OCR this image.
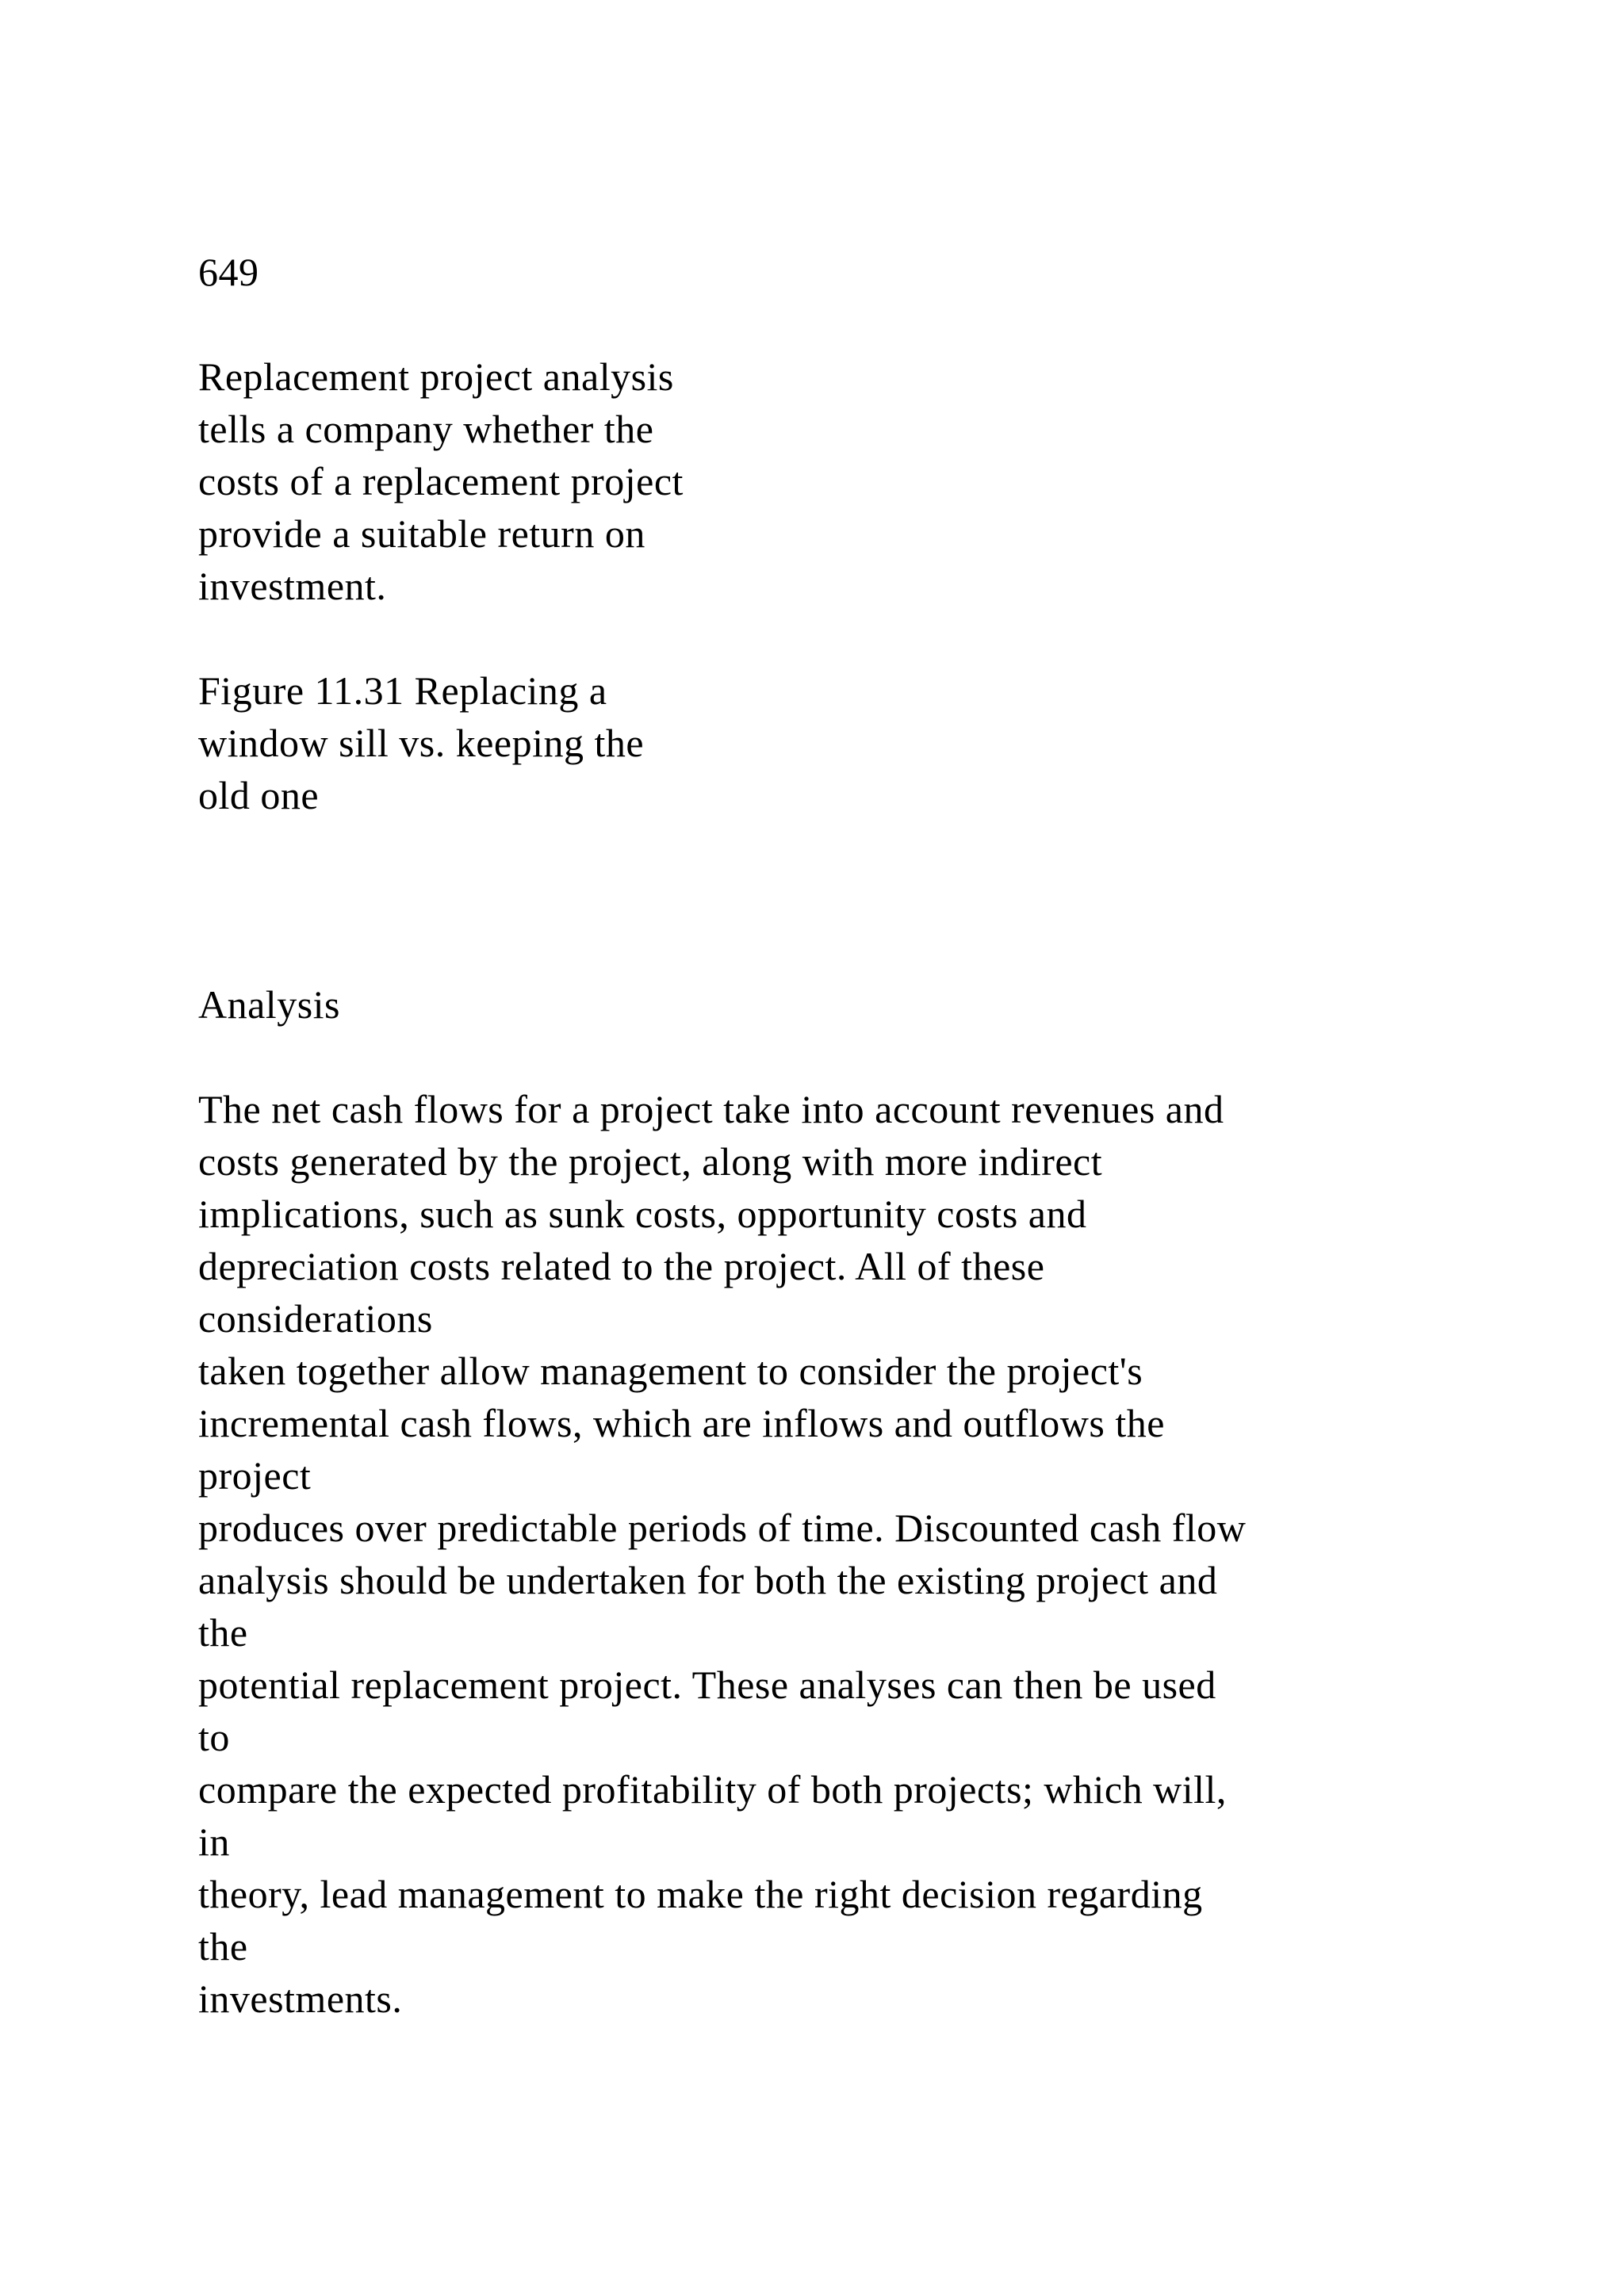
649

Replacement project analysis

tells a company whether the

costs of a replacement project

provide a suitable return on

investment.

Figure 11.31 Replacing a

window sill vs. keeping the

old one

Analysis

The net cash flows for a project take into account revenues and

costs generated by the project, along with more indirect

implications, such as sunk costs, opportunity costs and

depreciation costs related to the project. All of these

considerations

taken together allow management to consider the project's

incremental cash flows, which are inflows and outflows the

project

produces over predictable periods of time. Discounted cash flow

analysis should be undertaken for both the existing project and

the

potential replacement project. These analyses can then be used

to

compare the expected profitability of both projects; which will,

in

theory, lead management to make the right decision regarding

the

investments.
